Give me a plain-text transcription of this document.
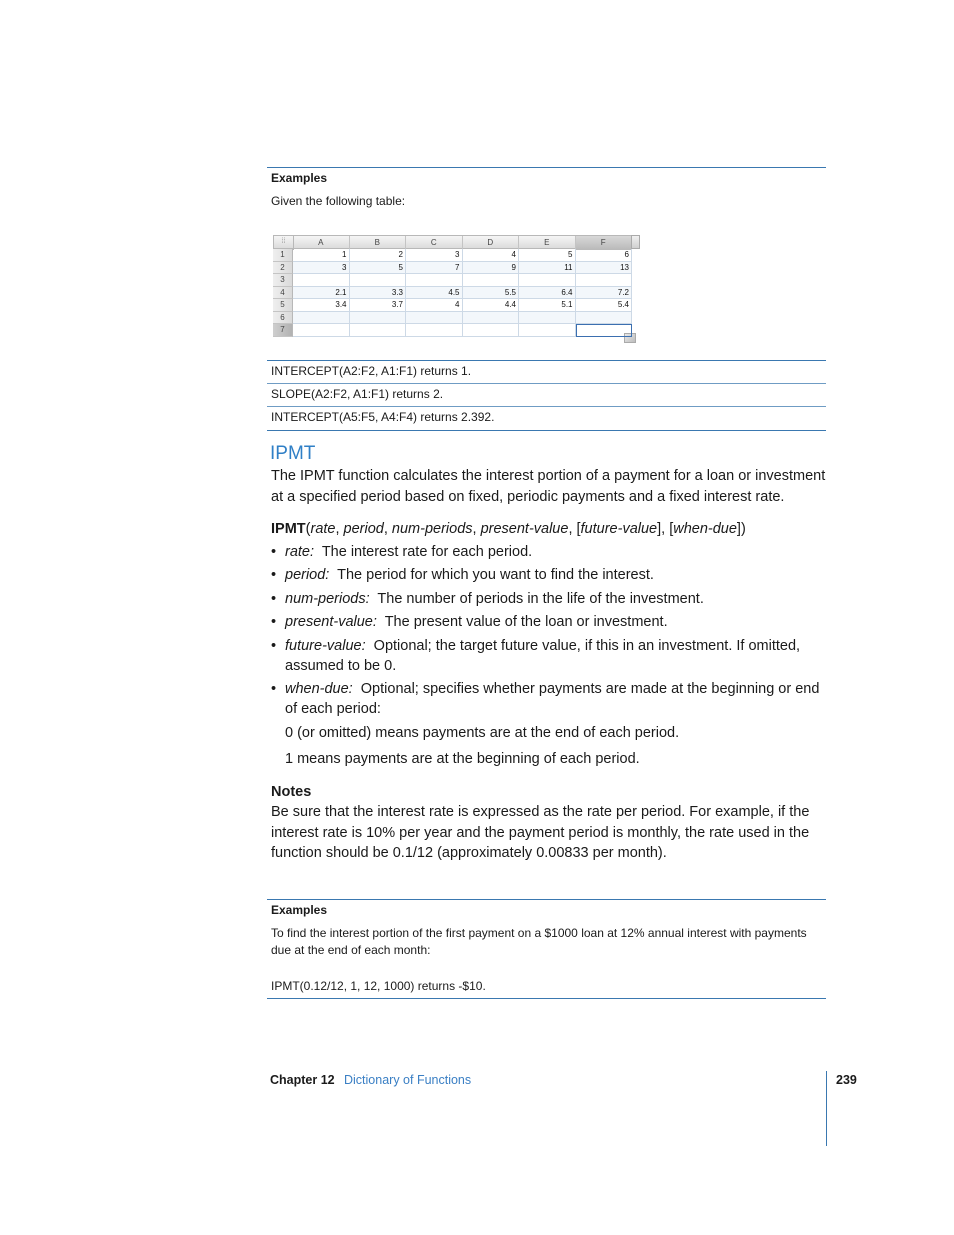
Examples
Given the following table:
⁞⁞	A	B	C	D	E	F
1	1	2	3	4	5	6
2	3	5	7	9	11	13
3
4	2.1	3.3	4.5	5.5	6.4	7.2
5	3.4	3.7	4	4.4	5.1	5.4
6
7
INTERCEPT(A2:F2, A1:F1) returns 1.
SLOPE(A2:F2, A1:F1) returns 2.
INTERCEPT(A5:F5, A4:F4) returns 2.392.
IPMT
The IPMT function calculates the interest portion of a payment for a loan or investment at a specified period based on fixed, periodic payments and a fixed interest rate.
IPMT(rate, period, num-periods, present-value, [future-value], [when-due])
• rate: The interest rate for each period.
• period: The period for which you want to find the interest.
• num-periods: The number of periods in the life of the investment.
• present-value: The present value of the loan or investment.
• future-value: Optional; the target future value, if this in an investment. If omitted,
assumed to be 0.
• when-due: Optional; specifies whether payments are made at the beginning or end
of each period:
0 (or omitted) means payments are at the end of each period.
1 means payments are at the beginning of each period.
Notes
Be sure that the interest rate is expressed as the rate per period. For example, if the
interest rate is 10% per year and the payment period is monthly, the rate used in the
function should be 0.1/12 (approximately 0.00833 per month).
Examples
To find the interest portion of the first payment on a $1000 loan at 12% annual interest with payments
due at the end of each month:
IPMT(0.12/12, 1, 12, 1000) returns -$10.
Chapter 12 Dictionary of Functions	239
